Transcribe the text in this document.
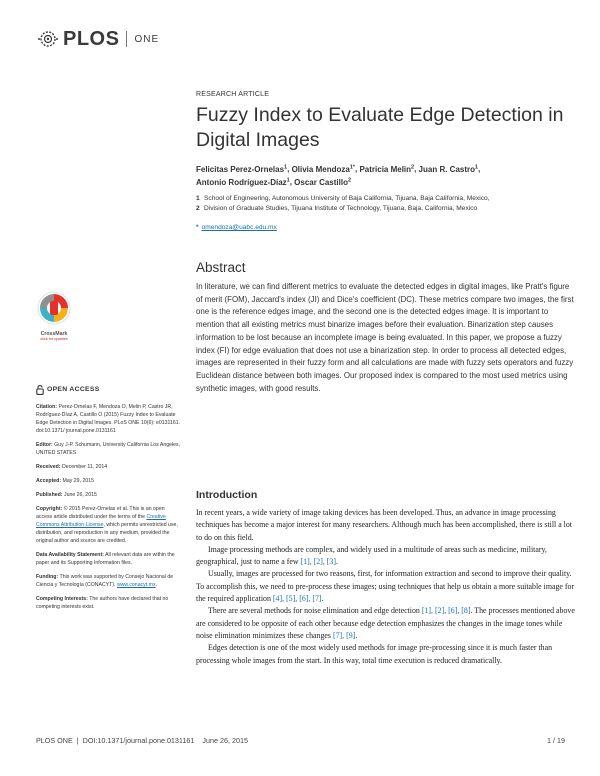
PLOS ONE
RESEARCH ARTICLE
Fuzzy Index to Evaluate Edge Detection in Digital Images
Felicitas Perez-Ornelas$^1$, Olivia Mendoza$^{1*}$, Patricia Melin$^2$, Juan R. Castro$^1$,
Antonio Rodríguez-Díaz$^1$, Oscar Castillo$^2$
1 School of Engineering, Autonomous University of Baja California, Tijuana, Baja California, Mexico,
2 Division of Graduate Studies, Tijuana Institute of Technology, Tijuana, Baja, California, Mexico
* omendoza@uabc.edu.mx
Abstract

In literature, we can find different metrics to evaluate the detected edges in digital images, like Pratt's figure of merit (FOM), Jaccard's index (JI) and Dice's coefficient (DC). These metrics compare two images, the first one is the reference edges image, and the second one is the detected edges image. It is important to mention that all existing metrics must binarize images before their evaluation. Binarization step causes information to be lost because an incomplete image is being evaluated. In this paper, we propose a fuzzy index (FI) for edge evaluation that does not use a binarization step. In order to process all detected edges, images are represented in their fuzzy form and all calculations are made with fuzzy sets operators and fuzzy Euclidean distance between both images. Our proposed index is compared to the most used metrics using synthetic images, with good results.

CrossMark
click for updates
OPEN ACCESS

Citation: Perez-Ornelas F, Mendoza O, Melin P, Castro JR, Rodríguez-Díaz A, Castillo O (2015) Fuzzy Index to Evaluate Edge Detection in Digital Images. PLoS ONE 10(6): e0131161. doi:10.1371/ journal.pone.0131161

Editor: Guy J-P. Schumann, University California Los Angeles, UNITED STATES

Received: December 11, 2014

Accepted: May 29, 2015

Published: June 26, 2015

Copyright: © 2015 Perez-Ornelas et al. This is an open access article distributed under the terms of the Creative Commons Attribution License, which permits unrestricted use, distribution, and reproduction in any medium, provided the original author and source are credited.

Data Availability Statement: All relevant data are within the paper and its Supporting Information files.

Funding: This work was supported by Consejo Nacional de Ciencia y Tecnología (CONACYT). www.conacyt.mx.

Competing Interests: The authors have declared that no competing interests exist.

Introduction

In recent years, a wide variety of image taking devices has been developed. Thus, an advance in image processing techniques has become a major interest for many researchers. Although much has been accomplished, there is still a lot to do on this field.

Image processing methods are complex, and widely used in a multitude of areas such as medicine, military, geographical, just to name a few [1], [2], [3].

Usually, images are processed for two reasons, first, for information extraction and second to improve their quality. To accomplish this, we need to pre-process these images; using techniques that help us obtain a more suitable image for the required application [4], [5], [6], [7].

There are several methods for noise elimination and edge detection [1], [2], [6], [8]. The processes mentioned above are considered to be opposite of each other because edge detection emphasizes the changes in the image tones while noise elimination minimizes these changes [7], [9].

Edges detection is one of the most widely used methods for image pre-processing since it is much faster than processing whole images from the start. In this way, total time execution is reduced dramatically.

PLOS ONE | DOI:10.1371/journal.pone.0131161 June 26, 2015	1 / 19
